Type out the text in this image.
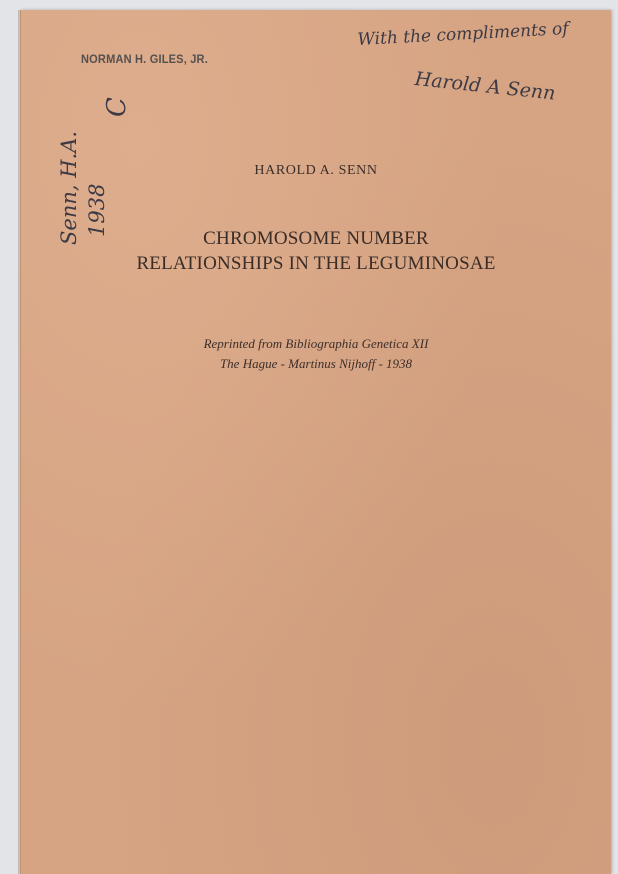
NORMAN H. GILES, JR.
With the compliments of
Harold A Senn
Senn, H.A. 1938
C
HAROLD A. SENN
CHROMOSOME NUMBER
RELATIONSHIPS IN THE LEGUMINOSAE
Reprinted from Bibliographia Genetica XII
The Hague - Martinus Nijhoff - 1938
